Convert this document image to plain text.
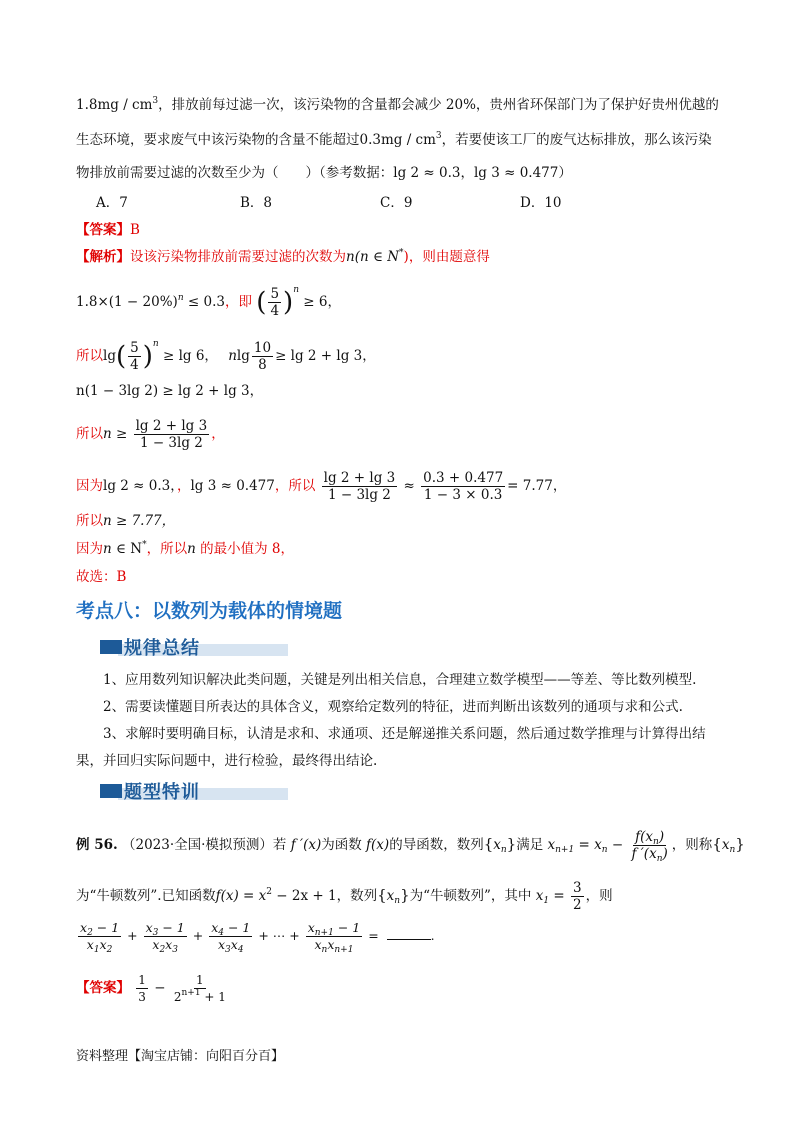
$1.8mg / cm^3$，排放前每过滤一次，该污染物的含量都会减少 20%，贵州省环保部门为了保护好贵州优越的
生态环境，要求废气中该污染物的含量不能超过$0.3mg / cm^3$，若要使该工厂的废气达标排放，那么该污染
物排放前需要过滤的次数至少为（　　）（参考数据：lg 2 ≈ 0.3，lg 3 ≈ 0.477）
A．7	B．8	C．9	D．10
【答案】B
【解析】设该污染物排放前需要过滤的次数为n(n ∈ N*)，则由题意得
$1.8\times(1 - 20\%)^n \le 0.3$，即 ( $\frac{5}{4} )^n \ge 6$，
所以$\lg( \frac{5}{4} )^n \ge \lg 6$， nlg $\frac{10}{8} \ge \lg 2 + \lg 3$，
n(1 − 3lg 2) ≥ lg 2 + lg 3，
所以$n \ge \frac{\lg 2 + \lg 3}{1 - 3\lg 2}$ ，
因为lg 2 ≈ 0.3，，lg 3 ≈ 0.477，所以 $\frac{\lg 2 + \lg 3}{1 - 3\lg 2} \approx \frac{0.3 + 0.477}{1 - 3 \times 0.3} = 7.77$，
所以n ≥ 7.77，
因为n ∈ N*，所以n 的最小值为 8，
故选：B
考点八：以数列为载体的情境题
规律总结
1、应用数列知识解决此类问题，关键是列出相关信息，合理建立数学模型——等差、等比数列模型.
2、需要读懂题目所表达的具体含义，观察给定数列的特征，进而判断出该数列的通项与求和公式.
3、求解时要明确目标，认清是求和、求通项、还是解递推关系问题，然后通过数学推理与计算得出结果，并回归实际问题中，进行检验，最终得出结论.
题型特训
例 56. （2023·全国·模拟预测）若 f ′(x)为函数 f(x)的导函数，数列$\{x_n\}$满足 $x_{n+1} = x_n - \frac{f(x_n)}{f '(x_n)}$ ，则称$\{x_n\}$
为“牛顿数列”.已知函数$f(x) = x^2 - 2x + 1$，数列$\{x_n\}$为“牛顿数列”，其中 $x_1 = \frac{3}{2}$ ，则
$\frac{x_2 - 1}{x_1x_2} + \frac{x_3 - 1}{x_2x_3} + \frac{x_4 - 1}{x_3x_4}$ + ⋯ + $\frac{x_{n+1} - 1}{x_nx_{n+1}}$ =	.
【答案】 $\frac{1}{3} - \frac{1}{2^{n+1} + 1}$
资料整理【淘宝店铺：向阳百分百】
